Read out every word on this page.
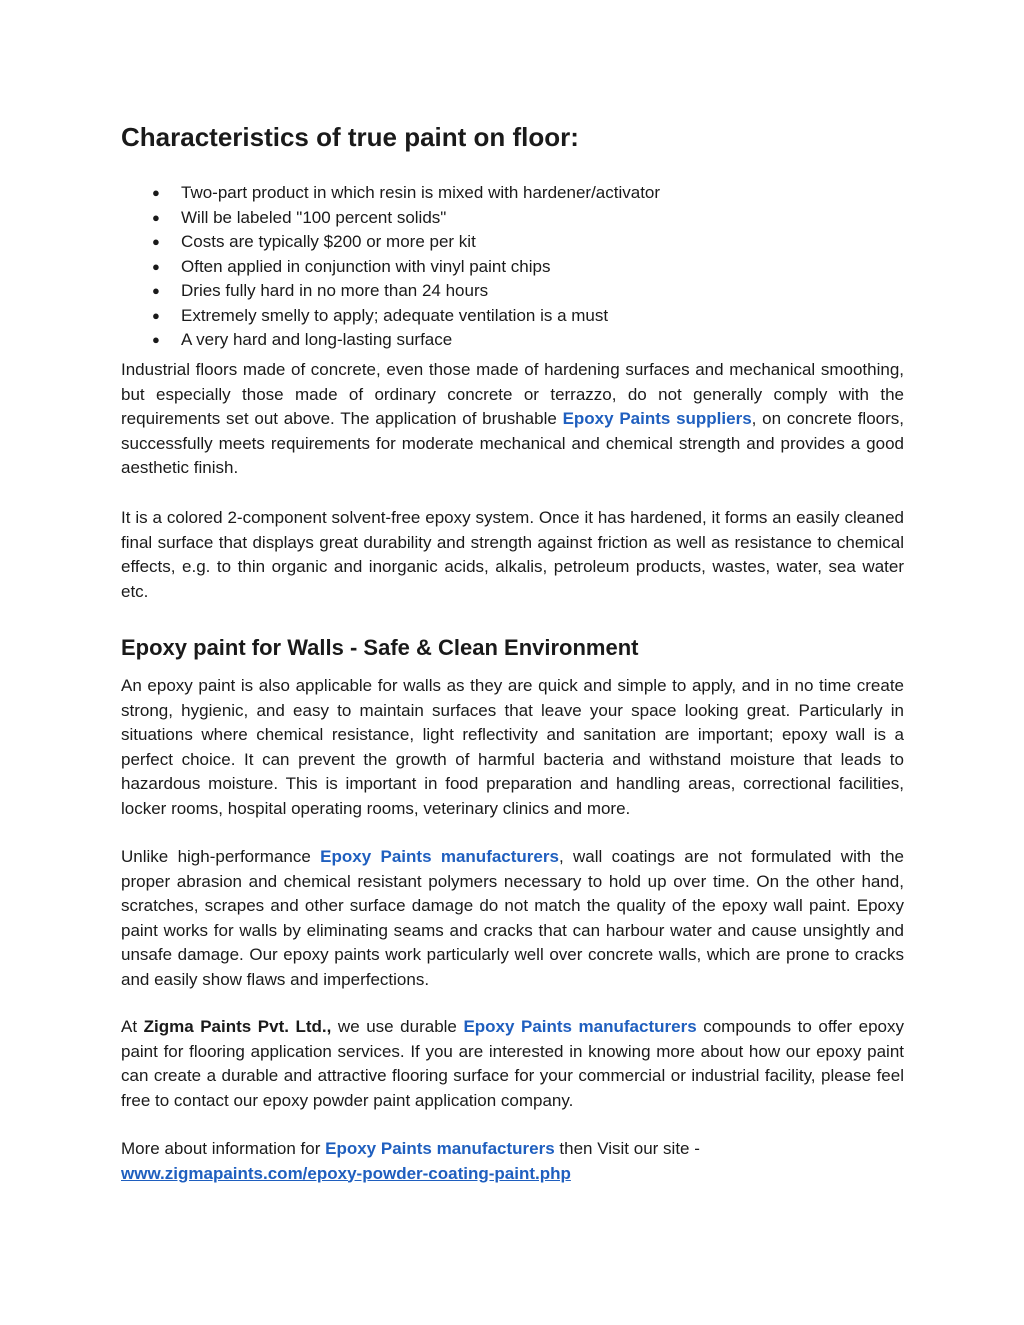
Characteristics of true paint on floor:
● Two-part product in which resin is mixed with hardener/activator
● Will be labeled "100 percent solids"
● Costs are typically $200 or more per kit
● Often applied in conjunction with vinyl paint chips
● Dries fully hard in no more than 24 hours
● Extremely smelly to apply; adequate ventilation is a must
● A very hard and long-lasting surface

Industrial floors made of concrete, even those made of hardening surfaces and mechanical smoothing, but especially those made of ordinary concrete or terrazzo, do not generally comply with the requirements set out above. The application of brushable Epoxy Paints suppliers, on concrete floors, successfully meets requirements for moderate mechanical and chemical strength and provides a good aesthetic finish.

It is a colored 2-component solvent-free epoxy system. Once it has hardened, it forms an easily cleaned final surface that displays great durability and strength against friction as well as resistance to chemical effects, e.g. to thin organic and inorganic acids, alkalis, petroleum products, wastes, water, sea water etc.

Epoxy paint for Walls - Safe & Clean Environment

An epoxy paint is also applicable for walls as they are quick and simple to apply, and in no time create strong, hygienic, and easy to maintain surfaces that leave your space looking great. Particularly in situations where chemical resistance, light reflectivity and sanitation are important; epoxy wall is a perfect choice. It can prevent the growth of harmful bacteria and withstand moisture that leads to hazardous moisture. This is important in food preparation and handling areas, correctional facilities, locker rooms, hospital operating rooms, veterinary clinics and more.

Unlike high-performance Epoxy Paints manufacturers, wall coatings are not formulated with the proper abrasion and chemical resistant polymers necessary to hold up over time. On the other hand, scratches, scrapes and other surface damage do not match the quality of the epoxy wall paint. Epoxy paint works for walls by eliminating seams and cracks that can harbour water and cause unsightly and unsafe damage. Our epoxy paints work particularly well over concrete walls, which are prone to cracks and easily show flaws and imperfections.

At Zigma Paints Pvt. Ltd., we use durable Epoxy Paints manufacturers compounds to offer epoxy paint for flooring application services. If you are interested in knowing more about how our epoxy paint can create a durable and attractive flooring surface for your commercial or industrial facility, please feel free to contact our epoxy powder paint application company.

More about information for Epoxy Paints manufacturers then Visit our site -
www.zigmapaints.com/epoxy-powder-coating-paint.php
